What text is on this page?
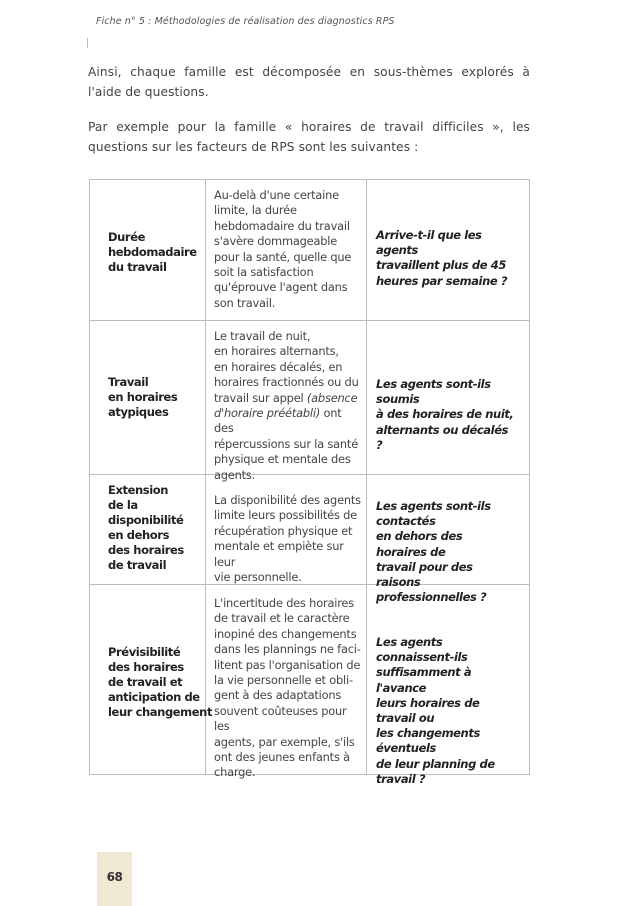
Fiche n° 5 : Méthodologies de réalisation des diagnostics RPS

Ainsi, chaque famille est décomposée en sous-thèmes explorés à l'aide de questions.

Par exemple pour la famille « horaires de travail difficiles », les questions sur les facteurs de RPS sont les suivantes :

Durée
hebdomadaire
du travail
Au-delà d'une certaine
limite, la durée
hebdomadaire du travail
s'avère dommageable
pour la santé, quelle que
soit la satisfaction
qu'éprouve l'agent dans
son travail.
Arrive-t-il que les agents
travaillent plus de 45
heures par semaine ?
Travail
en horaires
atypiques
Le travail de nuit,
en horaires alternants,
en horaires décalés, en
horaires fractionnés ou du
travail sur appel (absence
d'horaire préétabli) ont des
répercussions sur la santé
physique et mentale des
agents.
Les agents sont-ils soumis
à des horaires de nuit,
alternants ou décalés ?
Extension
de la
disponibilité
en dehors
des horaires
de travail
La disponibilité des agents
limite leurs possibilités de
récupération physique et
mentale et empiète sur leur
vie personnelle.
Les agents sont-ils contactés
en dehors des horaires de
travail pour des raisons
professionnelles ?
Prévisibilité
des horaires
de travail et
anticipation de
leur changement
L'incertitude des horaires
de travail et le caractère
inopiné des changements
dans les plannings ne faci-
litent pas l'organisation de
la vie personnelle et obli-
gent à des adaptations
souvent coûteuses pour les
agents, par exemple, s'ils
ont des jeunes enfants à
charge.
Les agents connaissent-ils
suffisamment à l'avance
leurs horaires de travail ou
les changements éventuels
de leur planning de
travail ?
68
